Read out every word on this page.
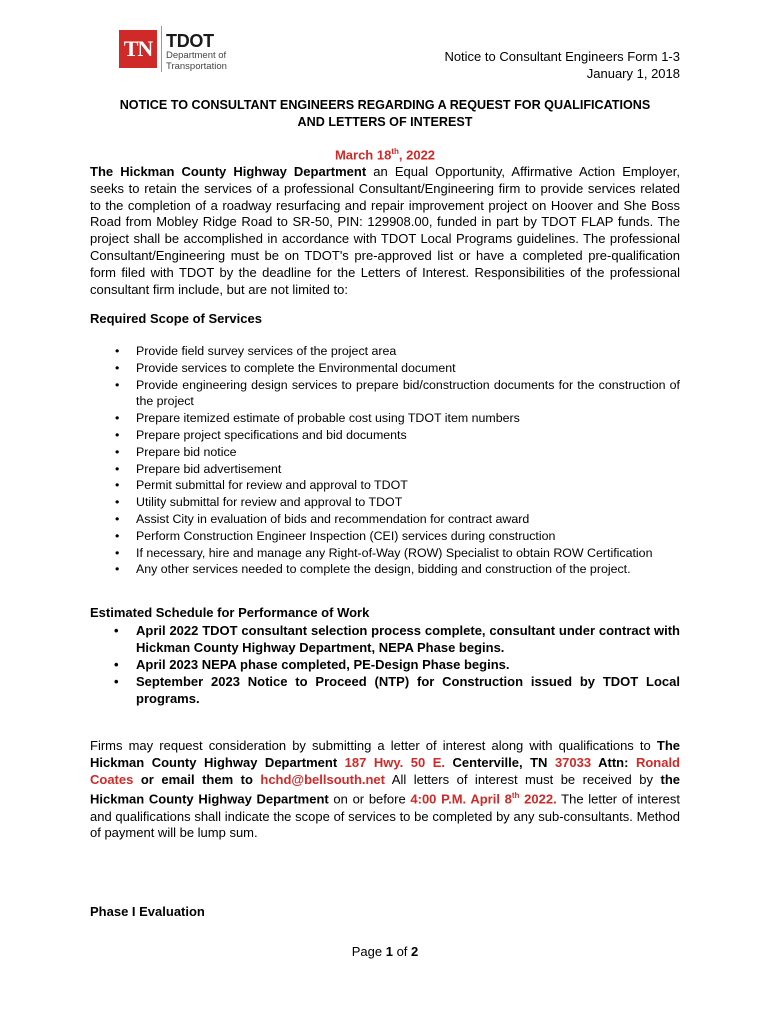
TN TDOT
Department of
Transportation
Notice to Consultant Engineers Form 1-3
January 1, 2018
NOTICE TO CONSULTANT ENGINEERS REGARDING A REQUEST FOR QUALIFICATIONS
AND LETTERS OF INTEREST
March 18th, 2022
The Hickman County Highway Department an Equal Opportunity, Affirmative Action Employer, seeks to retain the services of a professional Consultant/Engineering firm to provide services related to the completion of a roadway resurfacing and repair improvement project on Hoover and She Boss Road from Mobley Ridge Road to SR-50, PIN: 129908.00, funded in part by TDOT FLAP funds. The project shall be accomplished in accordance with TDOT Local Programs guidelines. The professional Consultant/Engineering must be on TDOT's pre-approved list or have a completed pre-qualification form filed with TDOT by the deadline for the Letters of Interest. Responsibilities of the professional consultant firm include, but are not limited to:
Required Scope of Services
• Provide field survey services of the project area
• Provide services to complete the Environmental document
• Provide engineering design services to prepare bid/construction documents for the construction of the project
• Prepare itemized estimate of probable cost using TDOT item numbers
• Prepare project specifications and bid documents
• Prepare bid notice
• Prepare bid advertisement
• Permit submittal for review and approval to TDOT
• Utility submittal for review and approval to TDOT
• Assist City in evaluation of bids and recommendation for contract award
• Perform Construction Engineer Inspection (CEI) services during construction
• If necessary, hire and manage any Right-of-Way (ROW) Specialist to obtain ROW Certification
• Any other services needed to complete the design, bidding and construction of the project.
Estimated Schedule for Performance of Work
• April 2022 TDOT consultant selection process complete, consultant under contract with Hickman County Highway Department, NEPA Phase begins.
• April 2023 NEPA phase completed, PE-Design Phase begins.
• September 2023 Notice to Proceed (NTP) for Construction issued by TDOT Local programs.
Firms may request consideration by submitting a letter of interest along with qualifications to The Hickman County Highway Department 187 Hwy. 50 E. Centerville, TN 37033 Attn: Ronald Coates or email them to hchd@bellsouth.net All letters of interest must be received by the Hickman County Highway Department on or before 4:00 P.M. April 8th 2022. The letter of interest and qualifications shall indicate the scope of services to be completed by any sub-consultants. Method of payment will be lump sum.
Phase I Evaluation
Page 1 of 2
